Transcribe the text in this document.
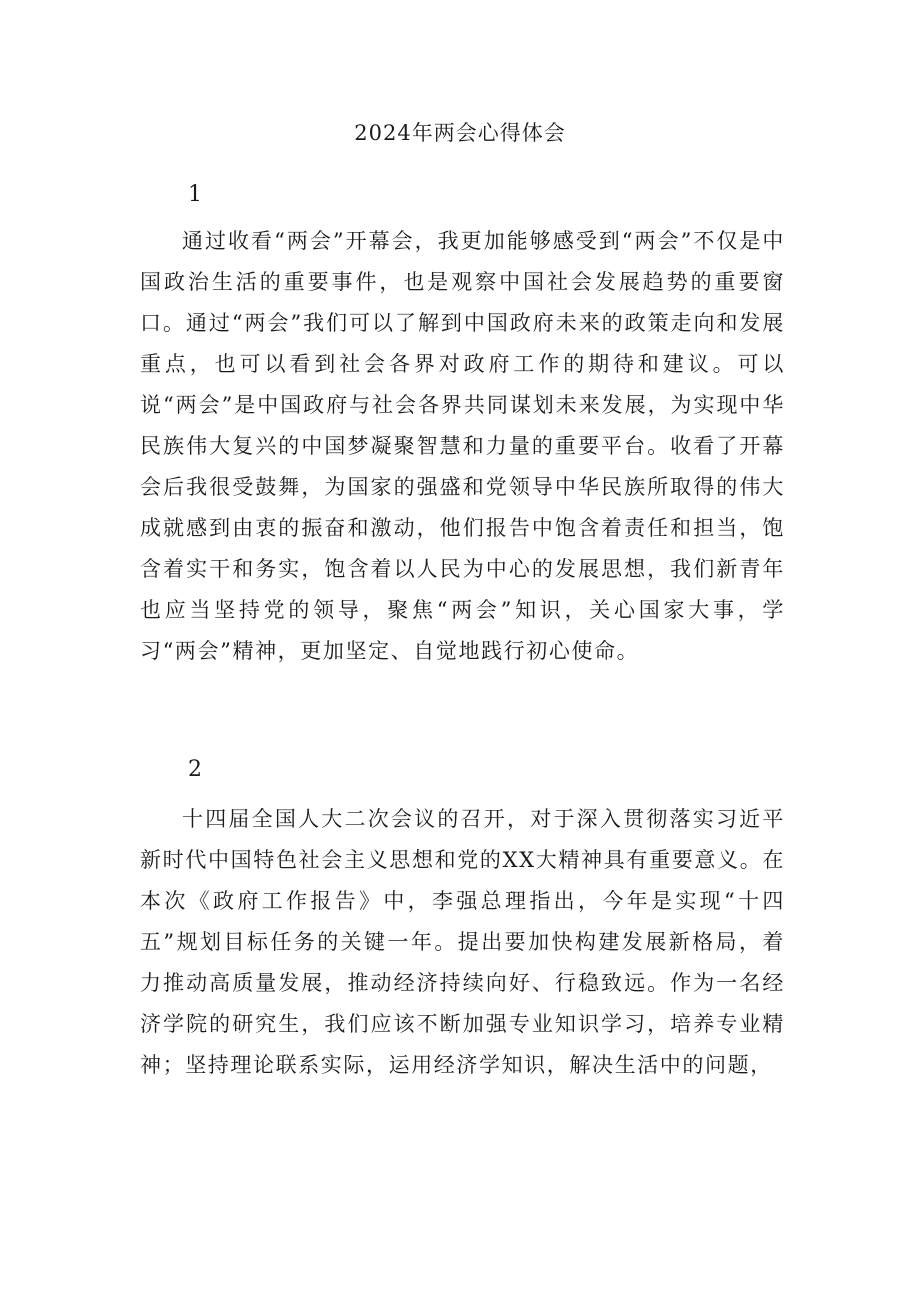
2024年两会心得体会

1

通过收看“两会”开幕会，我更加能够感受到“两会”不仅是中国政治生活的重要事件，也是观察中国社会发展趋势的重要窗口。通过“两会”我们可以了解到中国政府未来的政策走向和发展重点，也可以看到社会各界对政府工作的期待和建议。可以说“两会”是中国政府与社会各界共同谋划未来发展，为实现中华民族伟大复兴的中国梦凝聚智慧和力量的重要平台。收看了开幕会后我很受鼓舞，为国家的强盛和党领导中华民族所取得的伟大成就感到由衷的振奋和激动，他们报告中饱含着责任和担当，饱含着实干和务实，饱含着以人民为中心的发展思想，我们新青年也应当坚持党的领导，聚焦“两会”知识，关心国家大事，学习“两会”精神，更加坚定、自觉地践行初心使命。

2

十四届全国人大二次会议的召开，对于深入贯彻落实习近平新时代中国特色社会主义思想和党的XX大精神具有重要意义。在本次《政府工作报告》中，李强总理指出，今年是实现“十四五”规划目标任务的关键一年。提出要加快构建发展新格局，着力推动高质量发展，推动经济持续向好、行稳致远。作为一名经济学院的研究生，我们应该不断加强专业知识学习，培养专业精神；坚持理论联系实际，运用经济学知识，解决生活中的问题，
